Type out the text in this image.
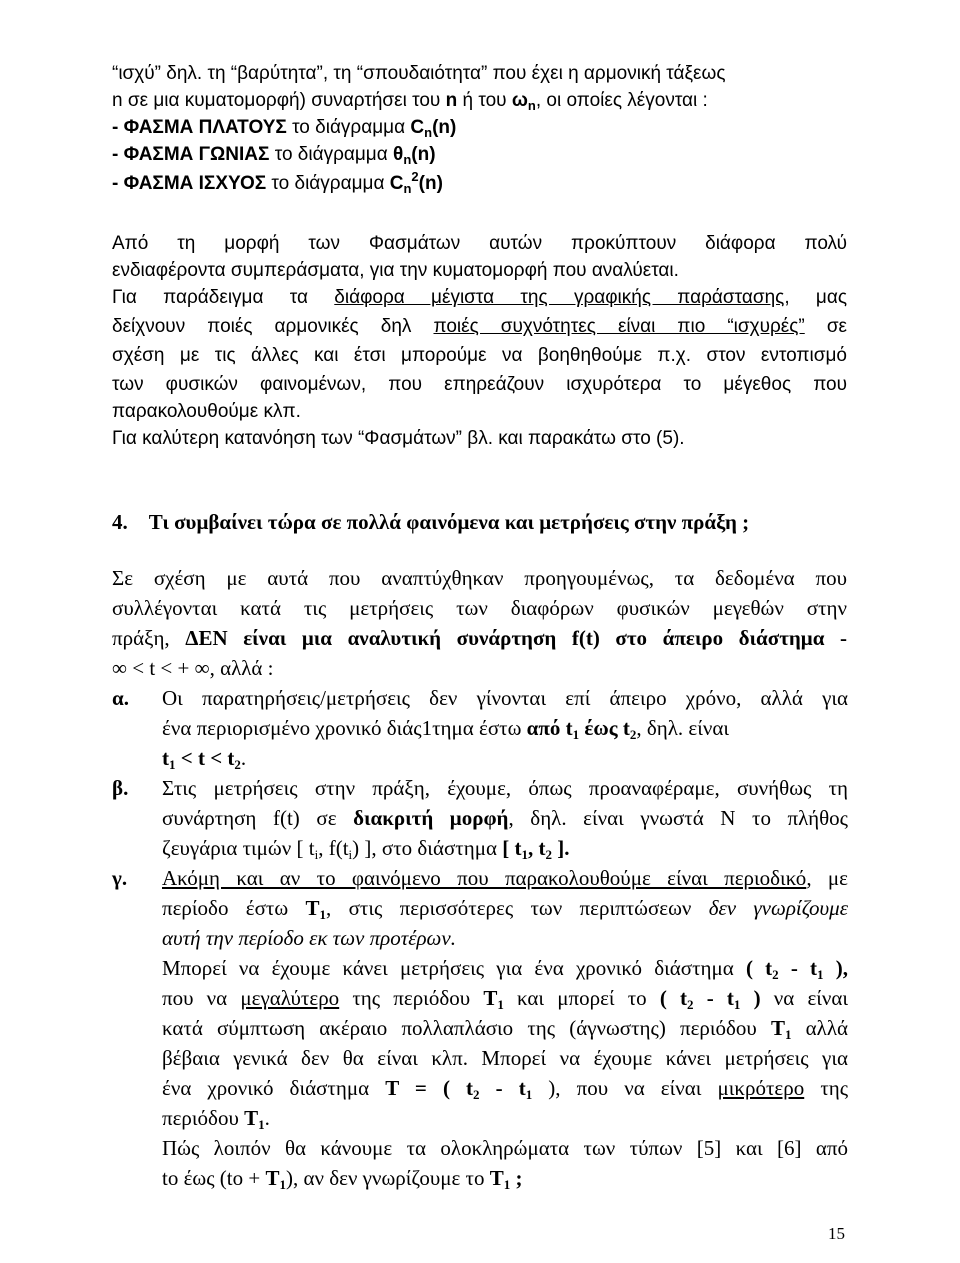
“ισχύ” δηλ. τη “βαρύτητα”, τη “σπουδαιότητα” που έχει η αρμονική τάξεως
n σε μια κυματομορφή) συναρτήσει του n ή του $\omega_n$, οι οποίες λέγονται :
- ΦΑΣΜΑ ΠΛΑΤΟΥΣ το διάγραμμα $C_n(n)$
- ΦΑΣΜΑ ΓΩΝΙΑΣ το διάγραμμα $\theta_n(n)$
- ΦΑΣΜΑ ΙΣΧΥΟΣ το διάγραμμα $C_n^2(n)$
Από τη μορφή των Φασμάτων αυτών προκύπτουν διάφορα πολύ
ενδιαφέροντα συμπεράσματα, για την κυματομορφή που αναλύεται.
Για παράδειγμα τα διάφορα μέγιστα της γραφικής παράστασης, μας
δείχνουν ποιές αρμονικές δηλ ποιές συχνότητες είναι πιο “ισχυρές” σε
σχέση με τις άλλες και έτσι μπορούμε να βοηθηθούμε π.χ. στον εντοπισμό
των φυσικών φαινομένων, που επηρεάζουν ισχυρότερα το μέγεθος που
παρακολουθούμε κλπ.
Για καλύτερη κατανόηση των “Φασμάτων” βλ. και παρακάτω στο (5).
4. Τι συμβαίνει τώρα σε πολλά φαινόμενα και μετρήσεις στην πράξη ;
Σε σχέση με αυτά που αναπτύχθηκαν προηγουμένως, τα δεδομένα που
συλλέγονται κατά τις μετρήσεις των διαφόρων φυσικών μεγεθών στην
πράξη, ΔΕΝ είναι μια αναλυτική συνάρτηση f(t) στο άπειρο διάστημα -
∞ < t < + ∞, αλλά :
α. Οι παρατηρήσεις/μετρήσεις δεν γίνονται επί άπειρο χρόνο, αλλά για
ένα περιορισμένο χρονικό διάς1τημα έστω από $t_1$ έως $t_2$, δηλ. είναι
$t_1 < t < t_2$.
β. Στις μετρήσεις στην πράξη, έχουμε, όπως προαναφέραμε, συνήθως τη
συνάρτηση f(t) σε διακριτή μορφή, δηλ. είναι γνωστά Ν το πλήθος
ζευγάρια τιμών [ $t_i$, $f(t_i)$ ], στο διάστημα [ $t_1$, $t_2$ ].
γ. Ακόμη και αν το φαινόμενο που παρακολουθούμε είναι περιοδικό, με
περίοδο έστω $T_1$, στις περισσότερες των περιπτώσεων δεν γνωρίζουμε
αυτή την περίοδο εκ των προτέρων.
Μπορεί να έχουμε κάνει μετρήσεις για ένα χρονικό διάστημα ( $t_2 - t_1$ ),
που να μεγαλύτερο της περιόδου $T_1$ και μπορεί το ( $t_2 - t_1$ ) να είναι
κατά σύμπτωση ακέραιο πολλαπλάσιο της (άγνωστης) περιόδου $T_1$ αλλά
βέβαια γενικά δεν θα είναι κλπ. Μπορεί να έχουμε κάνει μετρήσεις για
ένα χρονικό διάστημα T = ( $t_2 - t_1$ ), που να είναι μικρότερο της
περιόδου $T_1$.
Πώς λοιπόν θα κάνουμε τα ολοκληρώματα των τύπων [5] και [6] από
to έως $(to + T_1)$, αν δεν γνωρίζουμε το $T_1$ ;
15
